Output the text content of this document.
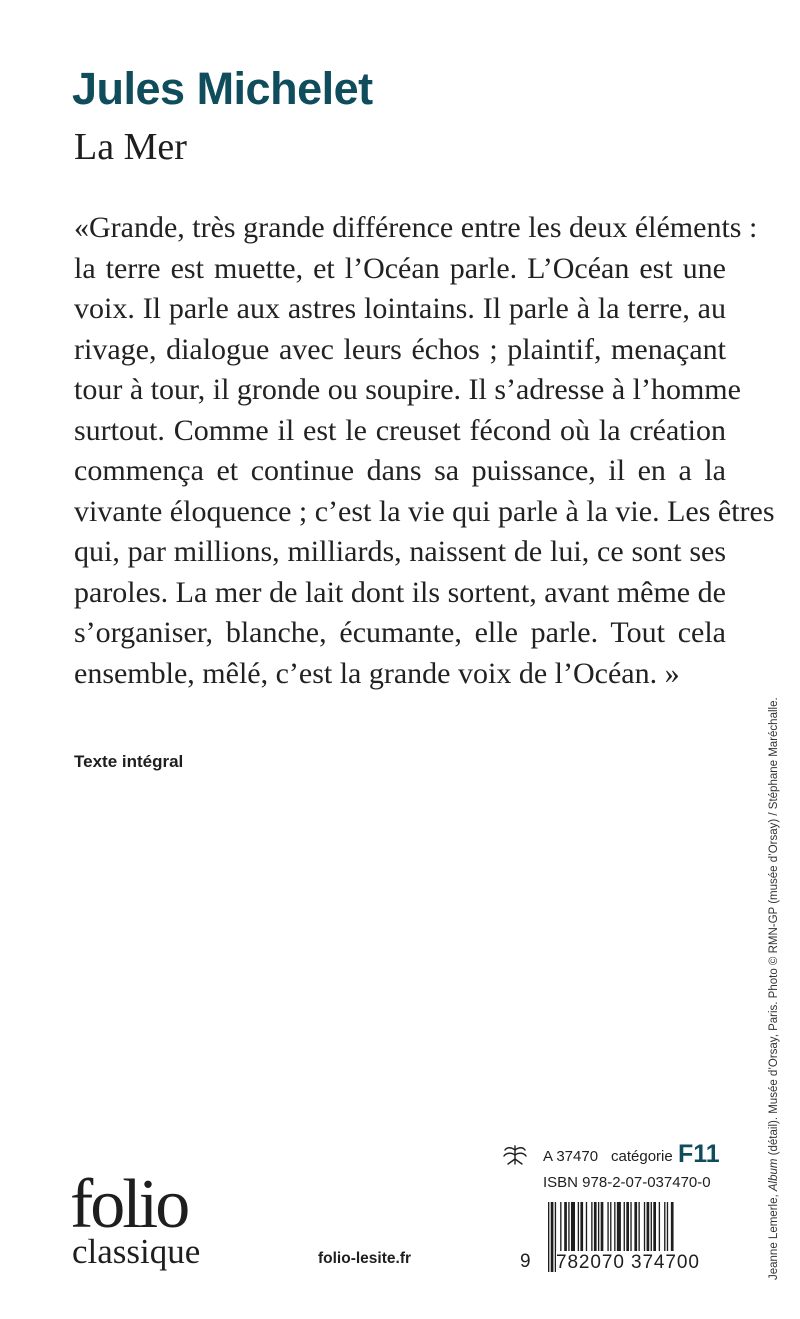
Jules Michelet
La Mer
«Grande, très grande différence entre les deux éléments :
la terre est muette, et l’Océan parle. L’Océan est une
voix. Il parle aux astres lointains. Il parle à la terre, au
rivage, dialogue avec leurs échos ; plaintif, menaçant
tour à tour, il gronde ou soupire. Il s’adresse à l’homme
surtout. Comme il est le creuset fécond où la création
commença et continue dans sa puissance, il en a la
vivante éloquence ; c’est la vie qui parle à la vie. Les êtres
qui, par millions, milliards, naissent de lui, ce sont ses
paroles. La mer de lait dont ils sortent, avant même de
s’organiser, blanche, écumante, elle parle. Tout cela
ensemble, mêlé, c’est la grande voix de l’Océan. »
Texte intégral
Jeanne Lemerle, Album (détail). Musée d’Orsay, Paris. Photo © RMN-GP (musée d’Orsay) / Stéphane Maréchalle.
folio
classique	folio-lesite.fr
A 37470 catégorie F11
ISBN 978-2-07-037470-0
9 782070 374700
